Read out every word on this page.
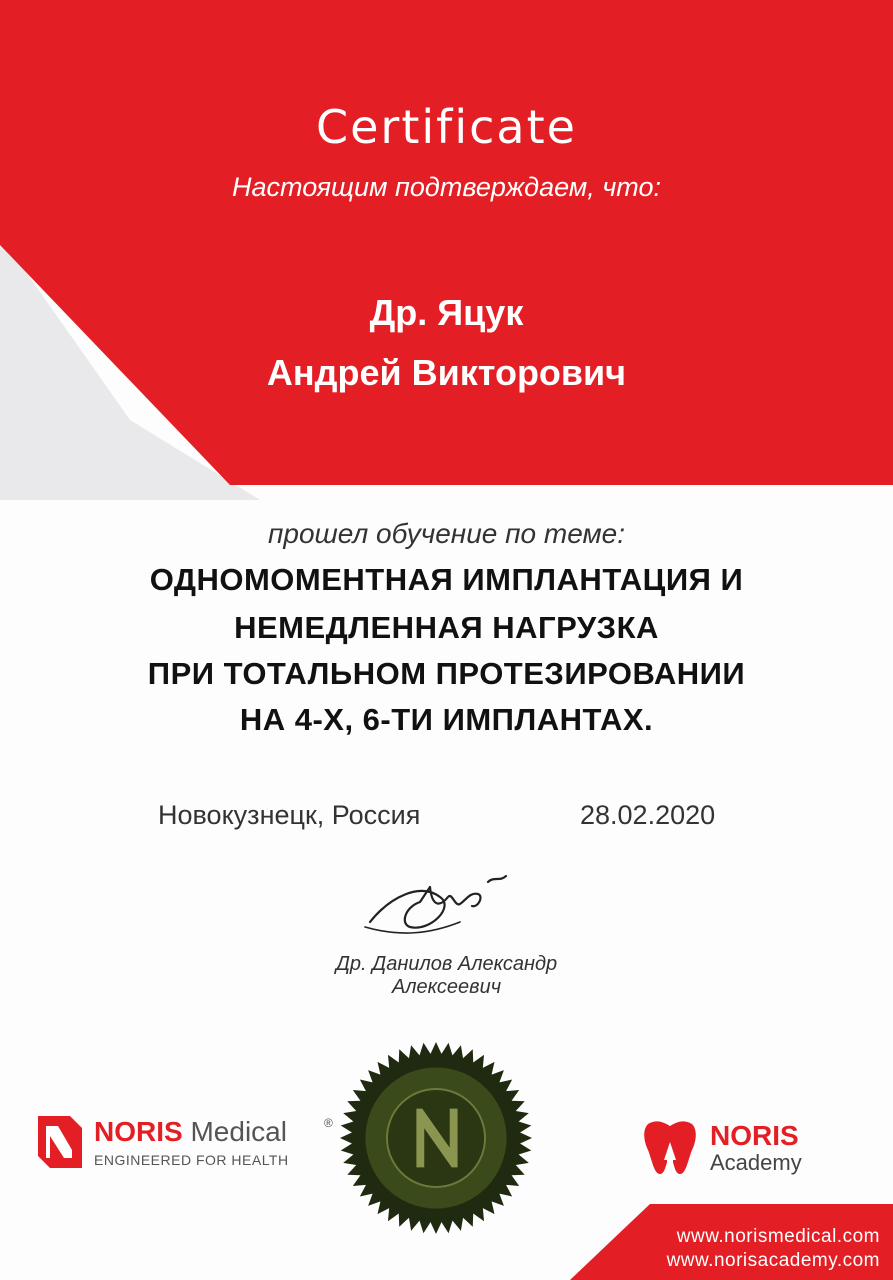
Certificate
Настоящим подтверждаем, что:
Др. Яцук
Андрей Викторович
прошел обучение по теме:
ОДНОМОМЕНТНАЯ ИМПЛАНТАЦИЯ И
НЕМЕДЛЕННАЯ НАГРУЗКА
ПРИ ТОТАЛЬНОМ ПРОТЕЗИРОВАНИИ
НА 4-Х, 6-ТИ ИМПЛАНТАХ.
Новокузнецк, Россия	28.02.2020
Др. Данилов Александр
Алексеевич
NORIS Medical	®
ENGINEERED FOR HEALTH
NORIS
Academy
www.norismedical.com
www.norisacademy.com
